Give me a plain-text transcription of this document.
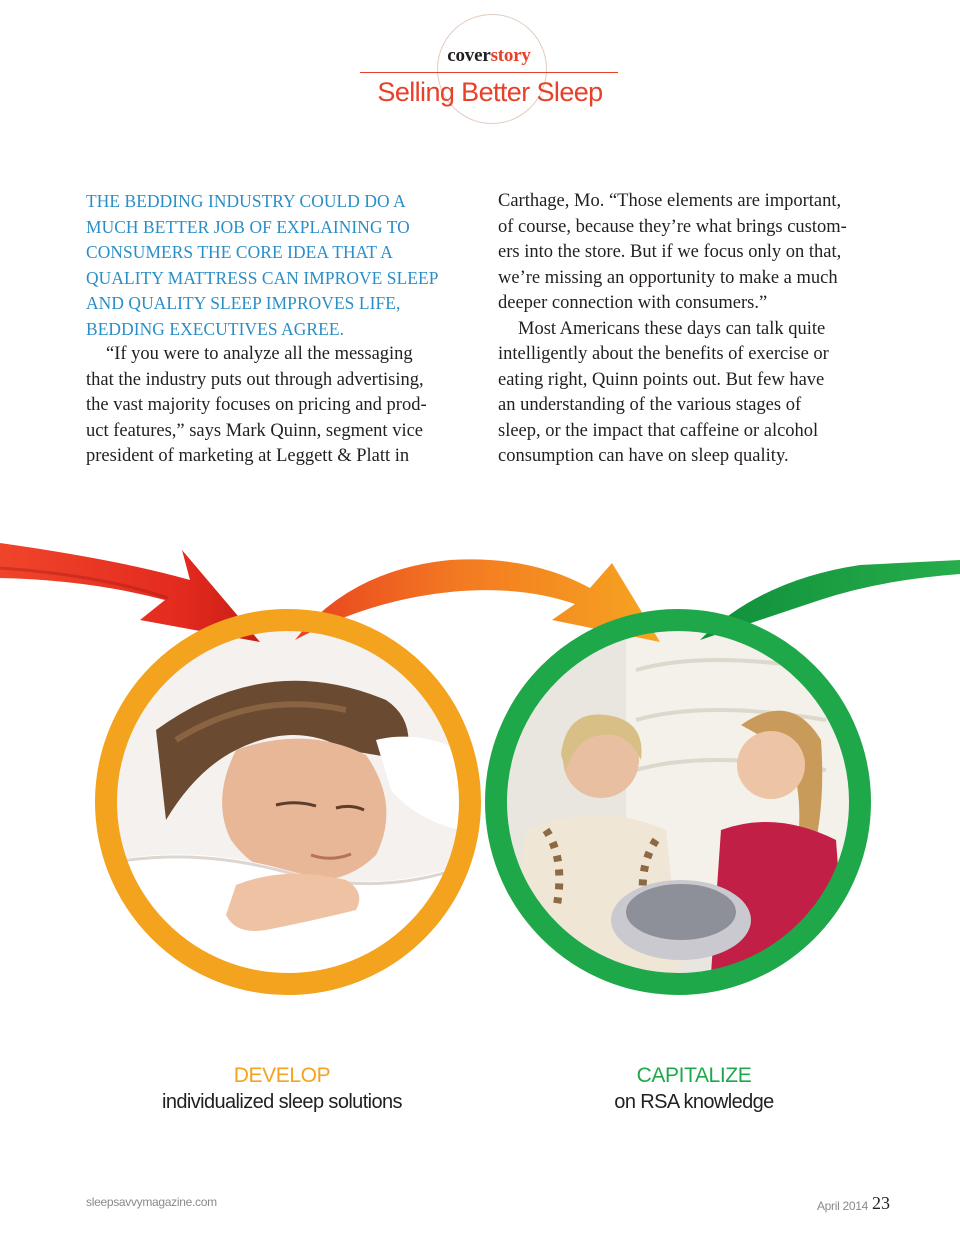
coverstory
Selling Better Sleep
THE BEDDING INDUSTRY COULD DO A
MUCH BETTER JOB OF EXPLAINING TO
CONSUMERS THE CORE IDEA THAT A
QUALITY MATTRESS CAN IMPROVE SLEEP
AND QUALITY SLEEP IMPROVES LIFE,
BEDDING EXECUTIVES AGREE.
“If you were to analyze all the messaging
that the industry puts out through advertising,
the vast majority focuses on pricing and prod-
uct features,” says Mark Quinn, segment vice
president of marketing at Leggett & Platt in
Carthage, Mo. “Those elements are important,
of course, because they’re what brings custom-
ers into the store. But if we focus only on that,
we’re missing an opportunity to make a much
deeper connection with consumers.”
Most Americans these days can talk quite
intelligently about the benefits of exercise or
eating right, Quinn points out. But few have
an understanding of the various stages of
sleep, or the impact that caffeine or alcohol
consumption can have on sleep quality.
DEVELOP
individualized sleep solutions
CAPITALIZE
on RSA knowledge
sleepsavvymagazine.com	April 2014 23
